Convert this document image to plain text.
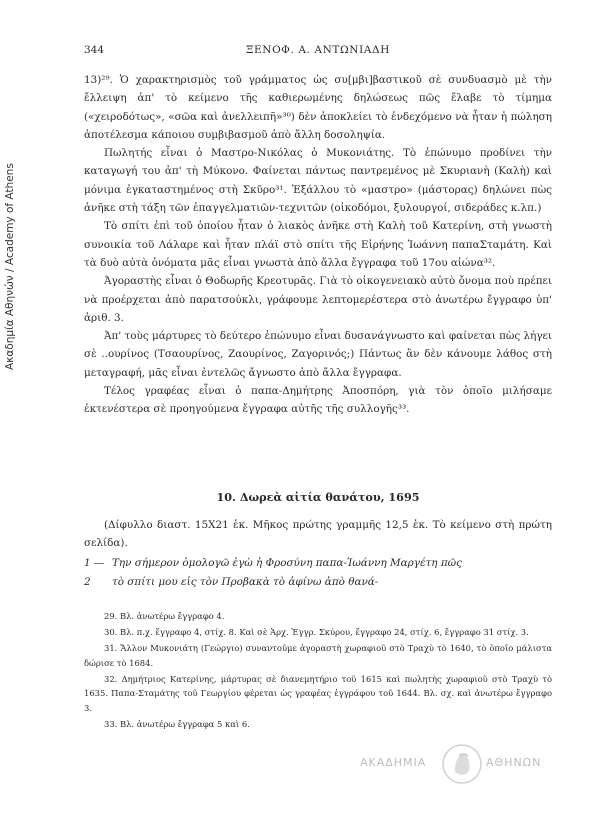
Ακαδημία Αθηνών / Academy of Athens
344	ΞΕΝΟΦ. Α. ΑΝΤΩΝΙΑΔΗ

13)²⁹. Ὁ χαρακτηρισμὸς τοῦ γράμματος ὡς συ[μβι]βαστικοῦ σὲ συνδυασμὸ μὲ τὴν ἔλλειψη ἀπ' τὸ κείμενο τῆς καθιερωμένης δηλώσεως πῶς ἔλαβε τὸ τίμημα («χειροδότως», «σῶα καὶ ἀνελλειπῆ»³⁰) δὲν ἀποκλείει τὸ ἐνδεχόμενο νὰ ἦταν ἡ πώληση ἀποτέλεσμα κάποιου συμβιβασμοῦ ἀπὸ ἄλλη δοσοληψία.

Πωλητής εἶναι ὁ Μαστρο-Νικόλας ὁ Μυκονιάτης. Τὸ ἐπώνυμο προδίνει τὴν καταγωγή του ἀπ' τὴ Μύκονο. Φαίνεται πάντως παντρεμένος μὲ Σκυριανὴ (Καλὴ) καὶ μόνιμα ἐγκαταστημένος στὴ Σκῦρο³¹. Ἐξάλλου τὸ «μαστρο» (μάστορας) δηλώνει πὼς ἀνῆκε στὴ τάξη τῶν ἐπαγγελματιῶν-τεχνιτῶν (οἰκοδόμοι, ξυλουργοί, σιδεράδες κ.λπ.)

Τὸ σπίτι ἐπὶ τοῦ ὁποίου ἦταν ὁ λιακὸς ἀνῆκε στὴ Καλὴ τοῦ Κατερίνη, στὴ γνωστὴ συνοικία τοῦ Λάλαρε καὶ ἦταν πλάϊ στὸ σπίτι τῆς Εἰρήνης Ἰωάννη παπαΣταμάτη. Καὶ τὰ δυὸ αὐτὰ ὀνόματα μᾶς εἶναι γνωστὰ ἀπὸ ἄλλα ἔγγραφα τοῦ 17ου αἰώνα³².

Ἀγοραστὴς εἶναι ὁ Θοδωρῆς Κρεοτυρᾶς. Γιὰ τὸ οἰκογενειακὸ αὐτὸ ὄνομα ποὺ πρέπει νὰ προέρχεται ἀπὸ παρατσούκλι, γράφουμε λεπτομερέστερα στὸ ἀνωτέρω ἔγγραφο ὑπ' ἀριθ. 3.

Ἀπ' τοὺς μάρτυρες τὸ δεύτερο ἐπώνυμο εἶναι δυσανάγνωστο καὶ φαίνεται πὼς λήγει σὲ ..ουρίνος (Τσαουρίνος, Ζαουρίνος, Ζαγορινός;) Πάντως ἂν δὲν κάνουμε λάθος στὴ μεταγραφή, μᾶς εἶναι ἐντελῶς ἄγνωστο ἀπὸ ἄλλα ἔγγραφα.

Τέλος γραφέας εἶναι ὁ παπα-Δημήτρης Ἀποσπόρη, γιὰ τὸν ὁποῖο μιλήσαμε ἐκτενέστερα σὲ προηγούμενα ἔγγραφα αὐτῆς τῆς συλλογῆς³³.

10. Δωρεὰ αἰτία θανάτου, 1695
(Δίφυλλο διαστ. 15Χ21 ἑκ. Μῆκος πρώτης γραμμῆς 12,5 ἑκ. Τὸ κείμενο στὴ πρώτη σελίδα).
1 — Την σήμερον ὁμολογῶ ἐγὼ ἡ Φροσύνη παπα-Ἰωάννη Μαργέτη πῶς
2 τὸ σπίτι μου εἰς τὸν Προβακὰ τὸ ἀφίνω ἀπὸ θανά-

29. Βλ. ἀνωτέρω ἔγγραφο 4.

30. Βλ. π.χ. ἔγγραφο 4, στίχ. 8. Καὶ σὲ Ἀρχ. Ἐγγρ. Σκύρου, ἔγγραφο 24, στίχ. 6, ἔγγραφο 31 στίχ. 3.

31. Ἄλλον Μυκονιάτη (Γεώργιο) συναντοῦμε ἀγοραστὴ χωραφιοῦ στὸ Τραχὺ τὸ 1640, τὸ ὁποῖο μάλιστα δώρισε τὸ 1684.

32. Δημήτριος Κατερίνης, μάρτυρας σὲ διανεμητήριο τοῦ 1615 καὶ πωλητὴς χωραφιοῦ στὸ Τραχὺ τὸ 1635. Παπα-Σταμάτης τοῦ Γεωργίου φέρεται ὡς γραφέας ἐγγράφου τοῦ 1644. Βλ. σχ. καὶ ἀνωτέρω ἔγγραφο 3.

33. Βλ. ἀνωτέρω ἔγγραφα 5 καὶ 6.

ΑΚΑΔΗΜΙΑ	ΑΘΗΝΩΝ
